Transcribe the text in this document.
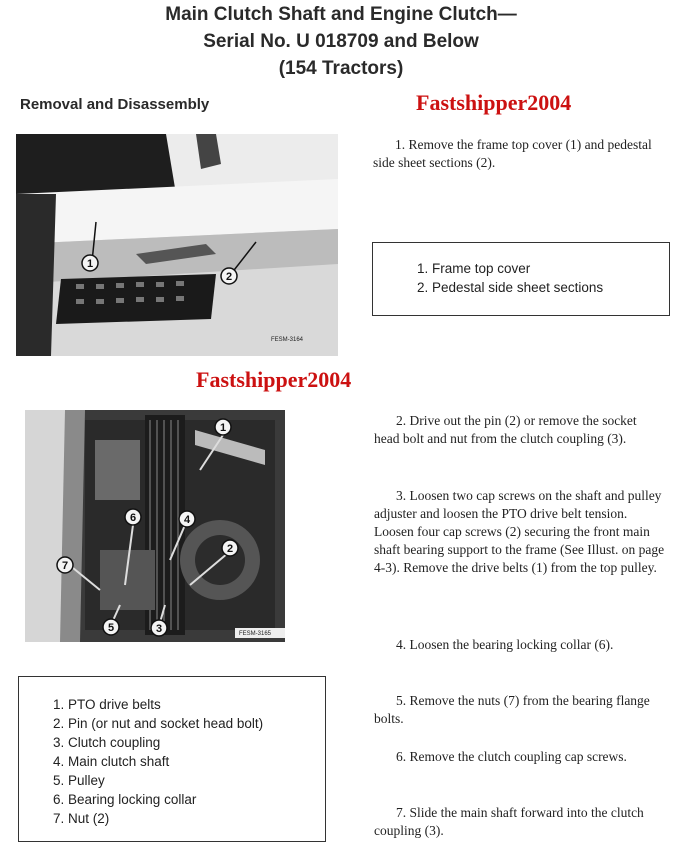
Main Clutch Shaft and Engine Clutch—
Serial No. U 018709 and Below
(154 Tractors)
Removal and Disassembly	Fastshipper2004
Fastshipper2004
1
2
FESM-3164
1. Frame top cover
2. Pedestal side sheet sections
1
2
3
4
5
6
7
FESM-3165
1. PTO drive belts
2. Pin (or nut and socket head bolt)
3. Clutch coupling
4. Main clutch shaft
5. Pulley
6. Bearing locking collar
7. Nut (2)
1. Remove the frame top cover (1) and pedestal side sheet sections (2).
2. Drive out the pin (2) or remove the socket head bolt and nut from the clutch coupling (3).
3. Loosen two cap screws on the shaft and pulley adjuster and loosen the PTO drive belt tension. Loosen four cap screws (2) securing the front main shaft bearing support to the frame (See Illust. on page 4-3). Remove the drive belts (1) from the top pulley.
4. Loosen the bearing locking collar (6).
5. Remove the nuts (7) from the bearing flange bolts.
6. Remove the clutch coupling cap screws.
7. Slide the main shaft forward into the clutch coupling (3).
